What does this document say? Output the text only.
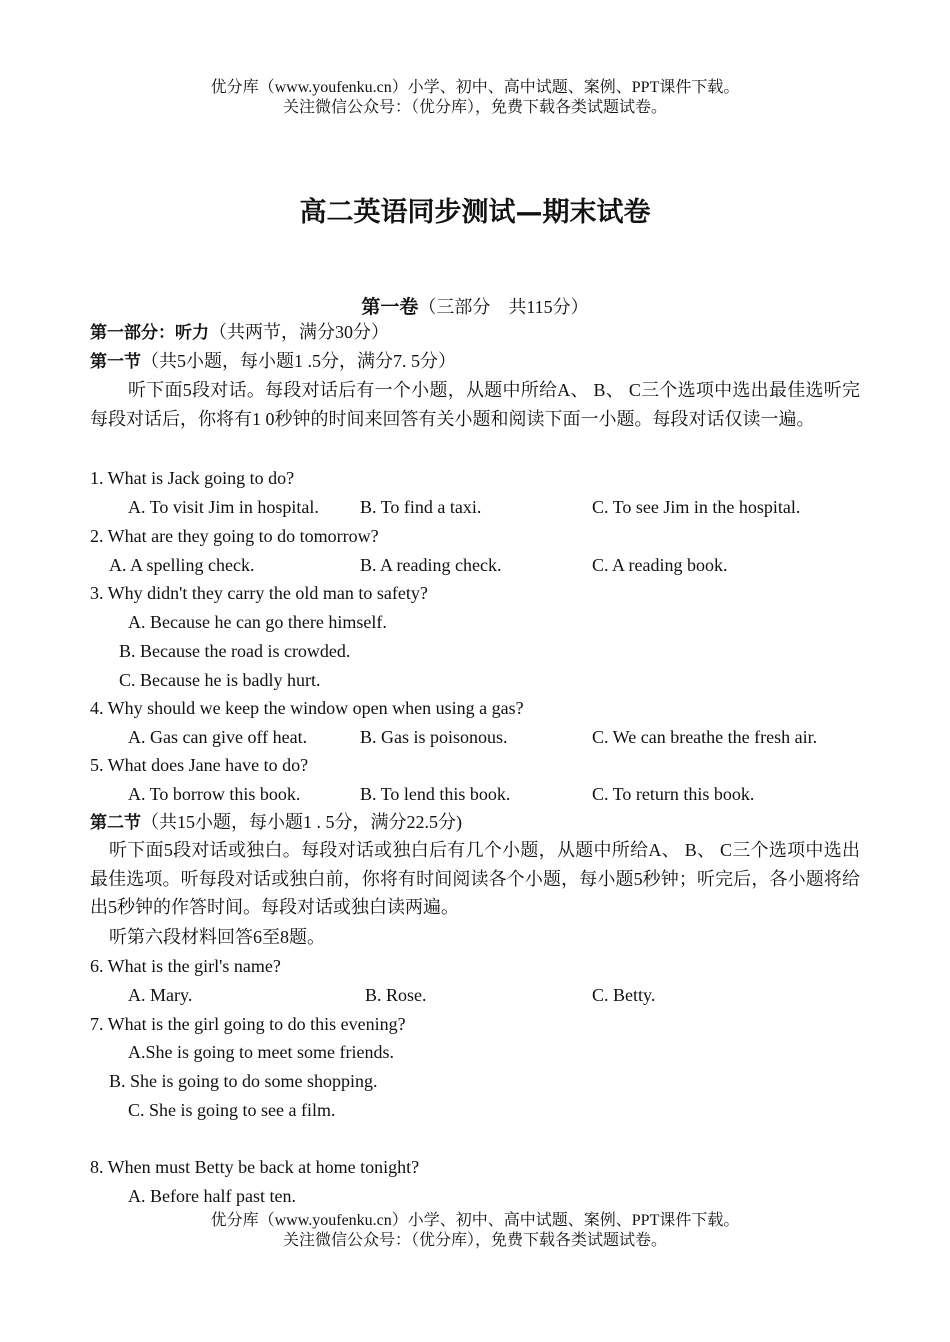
优分库（www.youfenku.cn）小学、初中、高中试题、案例、PPT课件下载。
关注微信公众号：（优分库），免费下载各类试题试卷。
高二英语同步测试—期末试卷
第一卷（三部分　共115分）
第一部分：听力（共两节，满分30分）
第一节（共5小题，每小题1 .5分，满分7. 5分）
听下面5段对话。每段对话后有一个小题，从题中所给A、 B、 C三个选项中选出最佳选听完每段对话后，你将有1 0秒钟的时间来回答有关小题和阅读下面一小题。每段对话仅读一遍。
1. What is Jack going to do?
A. To visit Jim in hospital. B. To find a taxi.	C. To see Jim in the hospital.
2. What are they going to do tomorrow?
A. A spelling check.	B. A reading check.	C. A reading book.
3. Why didn't they carry the old man to safety?
A. Because he can go there himself.
B. Because the road is crowded.
C. Because he is badly hurt.
4. Why should we keep the window open when using a gas?
A. Gas can give off heat.	B. Gas is poisonous.	C. We can breathe the fresh air.
5. What does Jane have to do?
A. To borrow this book.	B. To lend this book.	C. To return this book.
第二节（共15小题，每小题1 . 5分，满分22.5分)
听下面5段对话或独白。每段对话或独白后有几个小题，从题中所给A、 B、 C三个选项中选出最佳选项。听每段对话或独白前，你将有时间阅读各个小题，每小题5秒钟；听完后，各小题将给出5秒钟的作答时间。每段对话或独白读两遍。
听第六段材料回答6至8题。
6. What is the girl's name?
A. Mary.	B. Rose.	C. Betty.
7. What is the girl going to do this evening?
A.She is going to meet some friends.
B. She is going to do some shopping.
C. She is going to see a film.
8. When must Betty be back at home tonight?
A. Before half past ten.
优分库（www.youfenku.cn）小学、初中、高中试题、案例、PPT课件下载。
关注微信公众号：（优分库），免费下载各类试题试卷。
